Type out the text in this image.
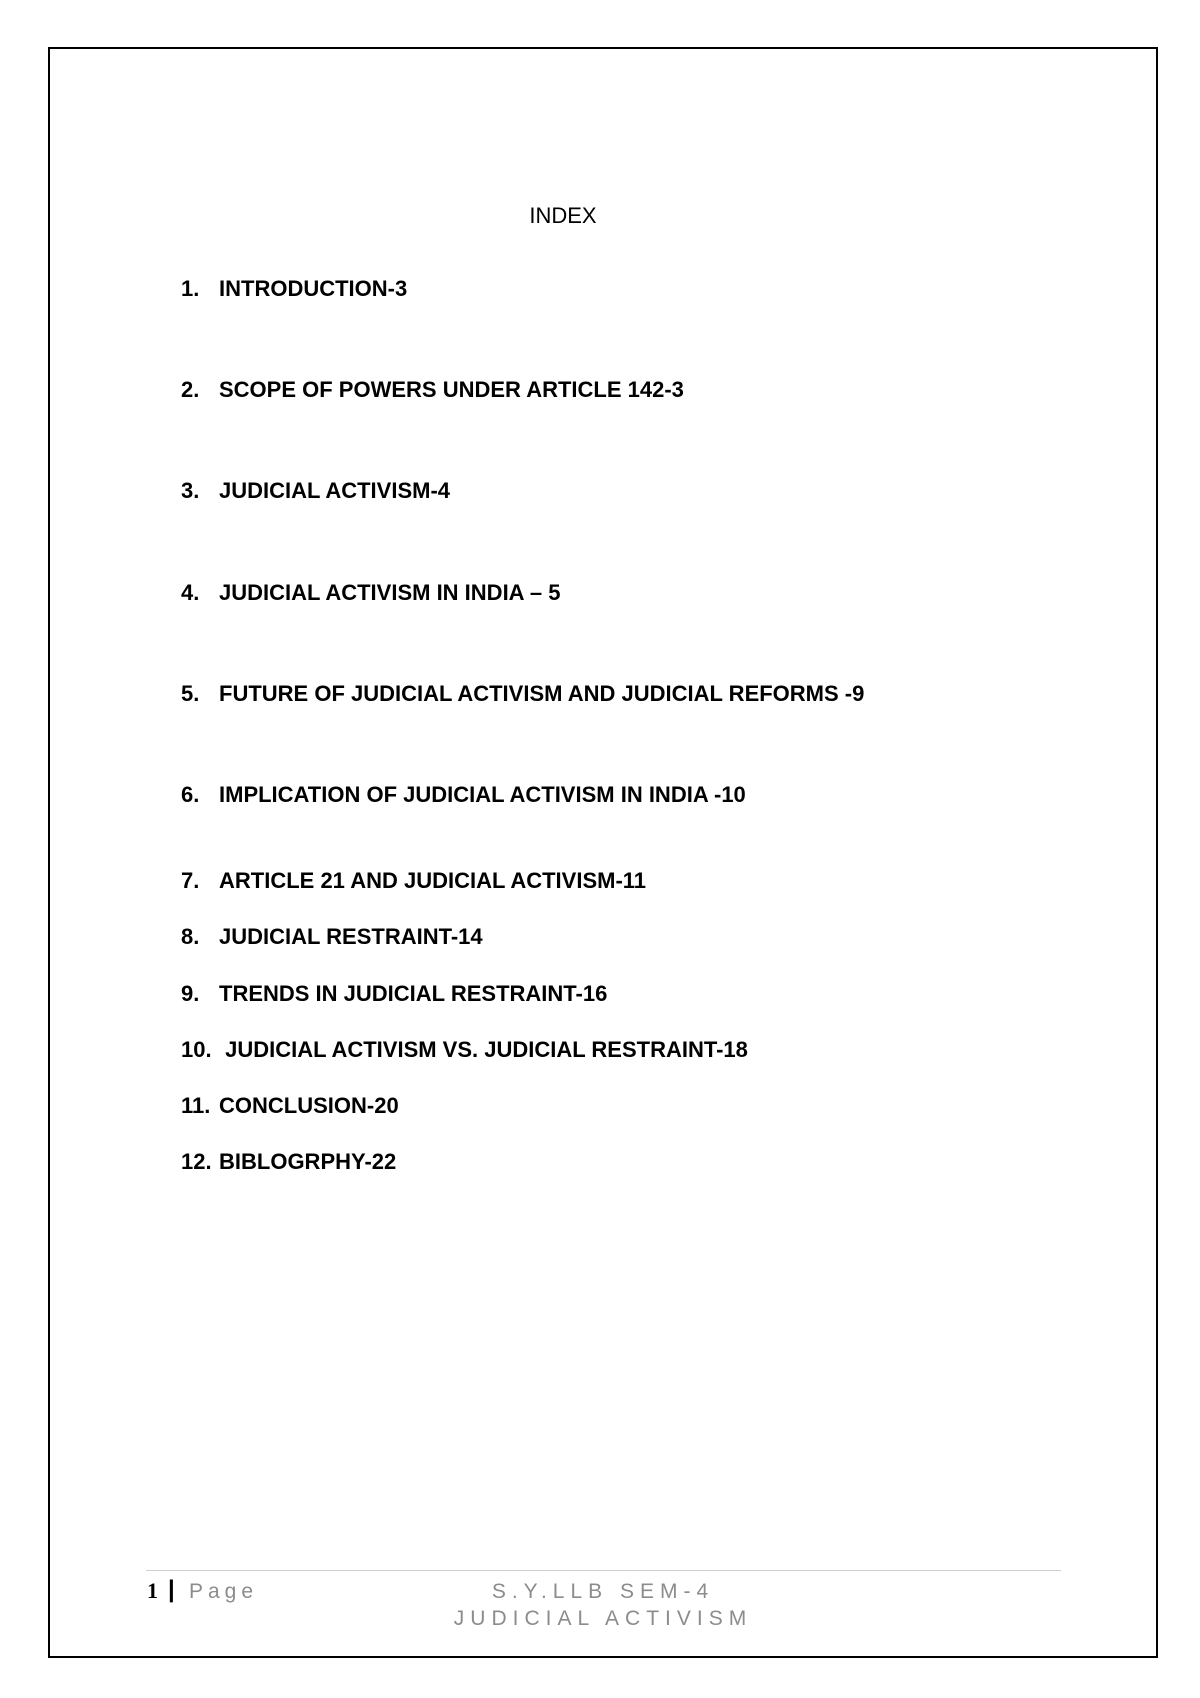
INDEX
1. INTRODUCTION-3
2. SCOPE OF POWERS UNDER ARTICLE 142-3
3. JUDICIAL ACTIVISM-4
4. JUDICIAL ACTIVISM IN INDIA – 5
5. FUTURE OF JUDICIAL ACTIVISM AND JUDICIAL REFORMS -9
6. IMPLICATION OF JUDICIAL ACTIVISM IN INDIA -10
7. ARTICLE 21 AND JUDICIAL ACTIVISM-11
8. JUDICIAL RESTRAINT-14
9. TRENDS IN JUDICIAL RESTRAINT-16
10. JUDICIAL ACTIVISM VS. JUDICIAL RESTRAINT-18
11. CONCLUSION-20
12. BIBLOGRPHY-22
1 | Page	S.Y.LLB SEM-4
JUDICIAL ACTIVISM
